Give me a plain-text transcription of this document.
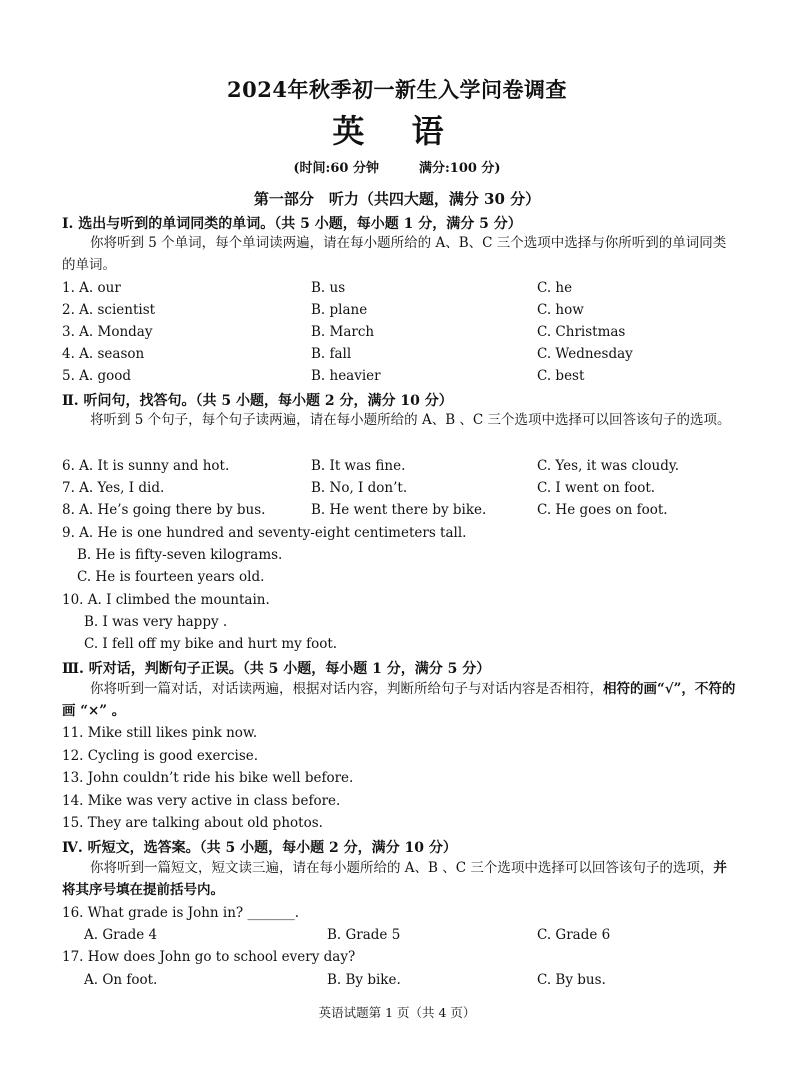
2024年秋季初一新生入学问卷调查
英 语
(时间:60 分钟	满分:100 分)
第一部分　听力（共四大题，满分 30 分）
Ⅰ. 选出与听到的单词同类的单词。（共 5 小题，每小题 1 分，满分 5 分）
你将听到 5 个单词，每个单词读两遍，请在每小题所给的 A、B、C 三个选项中选择与你所听到的单词同类的单词。
1. A. our	B. us	C. he
2. A. scientist	B. plane	C. how
3. A. Monday	B. March	C. Christmas
4. A. season	B. fall	C. Wednesday
5. A. good	B. heavier	C. best
Ⅱ. 听问句，找答句。（共 5 小题，每小题 2 分，满分 10 分）
将听到 5 个句子，每个句子读两遍，请在每小题所给的 A、B 、C 三个选项中选择可以回答该句子的选项。
6. A. It is sunny and hot.	B. It was fine.	C. Yes, it was cloudy.
7. A. Yes, I did.	B. No, I don’t.	C. I went on foot.
8. A. He’s going there by bus.	B. He went there by bike.	C. He goes on foot.
9. A. He is one hundred and seventy-eight centimeters tall.
B. He is fifty-seven kilograms.
C. He is fourteen years old.
10. A. I climbed the mountain.
B. I was very happy .
C. I fell off my bike and hurt my foot.
Ⅲ. 听对话，判断句子正误。（共 5 小题，每小题 1 分，满分 5 分）
你将听到一篇对话，对话读两遍，根据对话内容，判断所给句子与对话内容是否相符，相符的画“√”，不符的画 “×” 。
11. Mike still likes pink now.
12. Cycling is good exercise.
13. John couldn’t ride his bike well before.
14. Mike was very active in class before.
15. They are talking about old photos.
Ⅳ. 听短文，选答案。（共 5 小题，每小题 2 分，满分 10 分）
你将听到一篇短文，短文读三遍，请在每小题所给的 A、B 、C 三个选项中选择可以回答该句子的选项，并将其序号填在提前括号内。
16. What grade is John in? _______.
A. Grade 4	B. Grade 5	C. Grade 6
17. How does John go to school every day?
A. On foot.	B. By bike.	C. By bus.
英语试题第 1 页（共 4 页）
